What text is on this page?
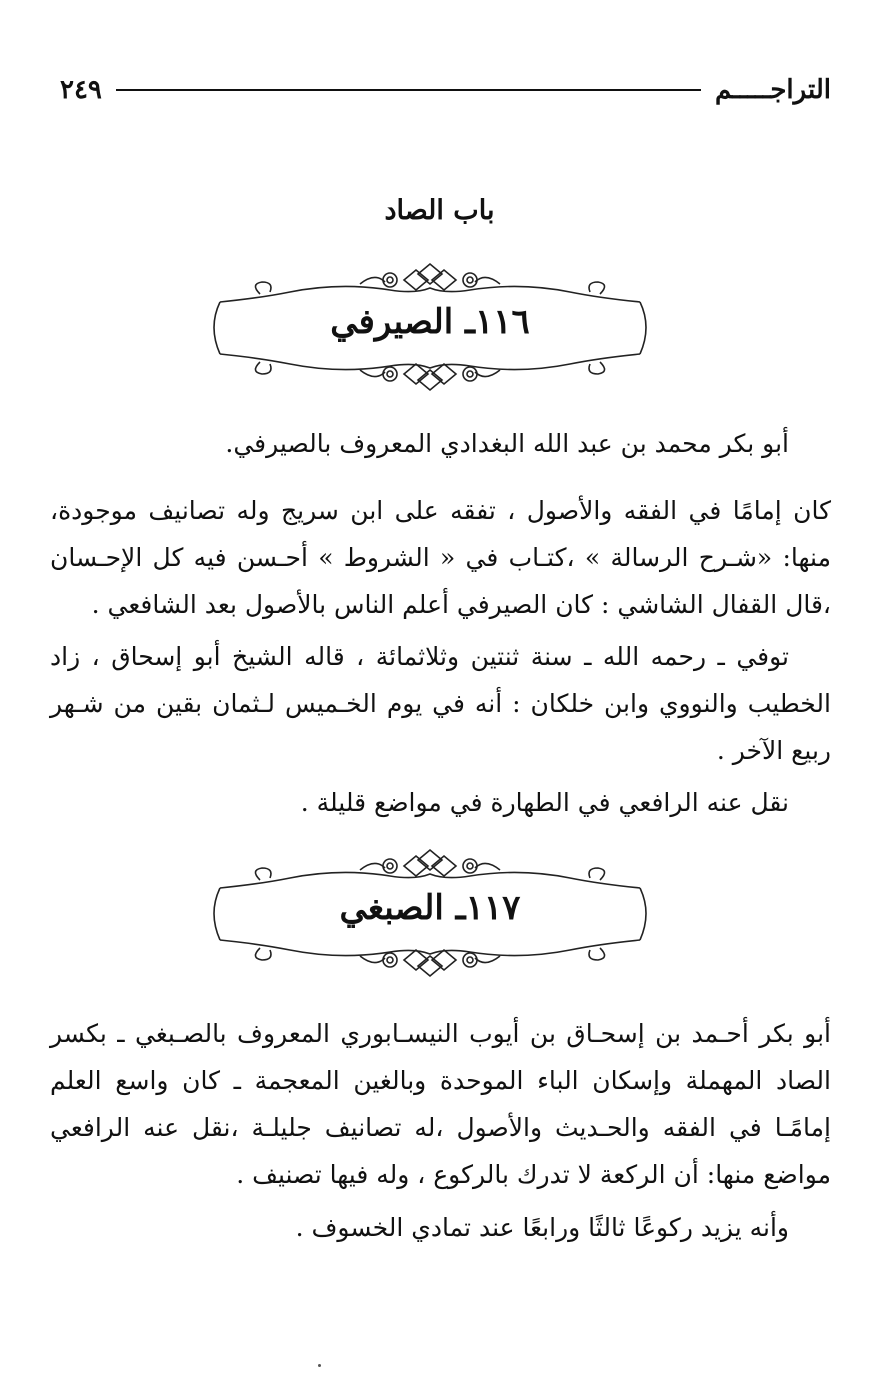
التراجـــــم
٢٤٩
باب الصاد
١١٦ـ الصيرفي
أبو بكر محمد بن عبد الله البغدادي المعروف بالصيرفي.
كان إمامًا في الفقه والأصول ، تفقه على ابن سريج وله تصانيف موجودة، منها: «شـرح الرسالة » ،كتـاب في « الشروط » أحـسن فيه كل الإحـسان ،قال القفال الشاشي : كان الصيرفي أعلم الناس بالأصول بعد الشافعي .
توفي ـ رحمه الله ـ سنة ثنتين وثلاثمائة ، قاله الشيخ أبو إسحاق ، زاد الخطيب والنووي وابن خلكان : أنه في يوم الخـميس لـثمان بقين من شـهر ربيع الآخر .
نقل عنه الرافعي في الطهارة في مواضع قليلة .
١١٧ـ الصبغي
أبو بكر أحـمد بن إسحـاق بن أيوب النيسـابوري المعروف بالصـبغي ـ بكسر الصاد المهملة وإسكان الباء الموحدة وبالغين المعجمة ـ كان واسع العلم إمامًـا في الفقه والحـديث والأصول ،له تصانيف جليلـة ،نقل عنه الرافعي مواضع منها: أن الركعة لا تدرك بالركوع ، وله فيها تصنيف .
وأنه يزيد ركوعًا ثالثًا ورابعًا عند تمادي الخسوف .
